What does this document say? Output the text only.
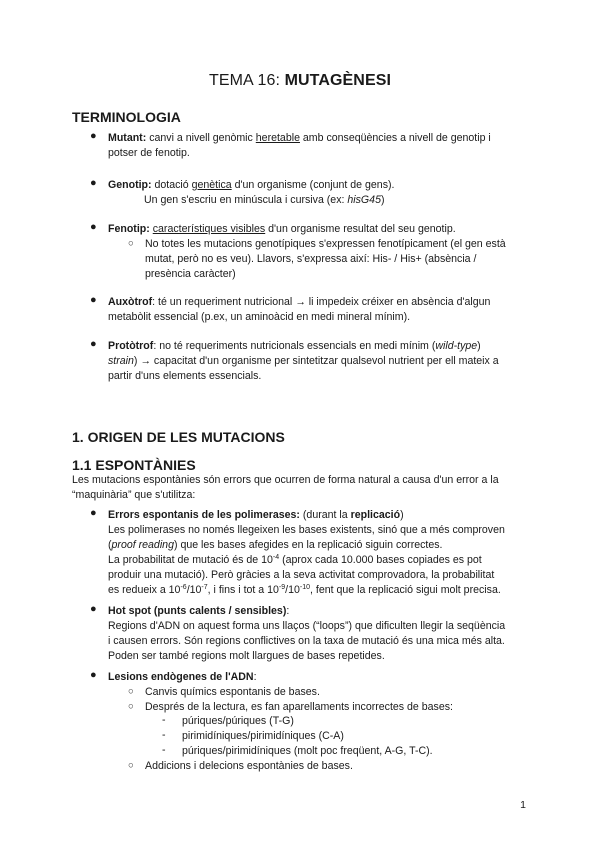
TEMA 16: MUTAGÈNESI
TERMINOLOGIA
● Mutant: canvi a nivell genòmic heretable amb conseqüències a nivell de genotip i
potser de fenotip.
● Genotip: dotació genètica d'un organisme (conjunt de gens).
Un gen s'escriu en minúscula i cursiva (ex: hisG45)
● Fenotip: característiques visibles d'un organisme resultat del seu genotip.
○ No totes les mutacions genotípiques s'expressen fenotípicament (el gen està
mutat, però no es veu). Llavors, s'expressa així: His- / His+ (absència /
presència caràcter)
● Auxòtrof: té un requeriment nutricional → li impedeix créixer en absència d'algun
metabòlit essencial (p.ex, un aminoàcid en medi mineral mínim).
● Protòtrof: no té requeriments nutricionals essencials en medi mínim (wild-type)
strain) → capacitat d'un organisme per sintetitzar qualsevol nutrient per ell mateix a
partir d'uns elements essencials.
1. ORIGEN DE LES MUTACIONS
1.1 ESPONTÀNIES
Les mutacions espontànies són errors que ocurren de forma natural a causa d'un error a la
“maquinària” que s'utilitza:
● Errors espontanis de les polimerases: (durant la replicació)
Les polimerases no només llegeixen les bases existents, sinó que a més comproven
(proof reading) que les bases afegides en la replicació siguin correctes.
La probabilitat de mutació és de $10^{-4}$ (aprox cada 10.000 bases copiades es pot
produir una mutació). Però gràcies a la seva activitat comprovadora, la probabilitat
es redueix a $10^{-6}/10^{-7}$, i fins i tot a $10^{-9}/10^{-10}$, fent que la replicació sigui molt precisa.
● Hot spot (punts calents / sensibles):
Regions d'ADN on aquest forma uns llaços (“loops”) que dificulten llegir la seqüència
i causen errors. Són regions conflictives on la taxa de mutació és una mica més alta.
Poden ser també regions molt llargues de bases repetides.
● Lesions endògenes de l'ADN:
○ Canvis químics espontanis de bases.
○ Després de la lectura, es fan aparellaments incorrectes de bases:
- púriques/púriques (T-G)
- pirimidíniques/pirimidíniques (C-A)
- púriques/pirimidíniques (molt poc freqüent, A-G, T-C).
○ Addicions i delecions espontànies de bases.
1
